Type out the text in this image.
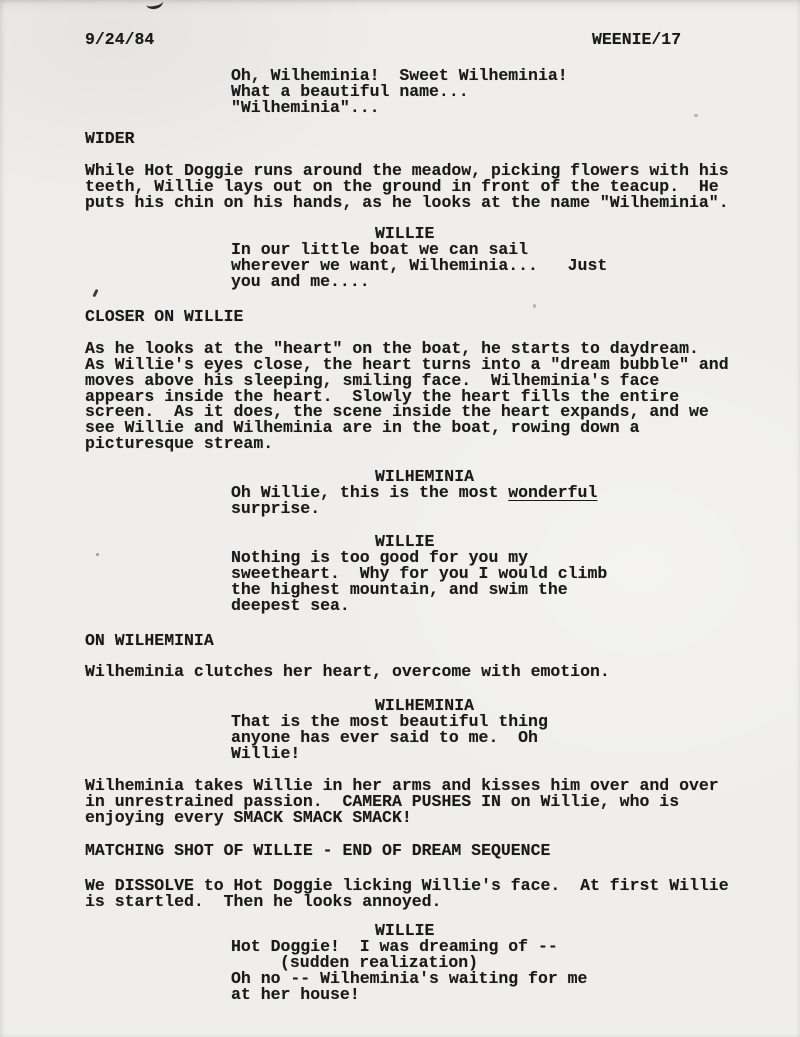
9/24/84	WEENIE/17
Oh, Wilheminia!  Sweet Wilheminia!
What a beautiful name...
"Wilheminia"...
WIDER
While Hot Doggie runs around the meadow, picking flowers with his
teeth, Willie lays out on the ground in front of the teacup.  He
puts his chin on his hands, as he looks at the name "Wilheminia".
WILLIE
In our little boat we can sail
wherever we want, Wilheminia...   Just
you and me....
CLOSER ON WILLIE
As he looks at the "heart" on the boat, he starts to daydream.
As Willie's eyes close, the heart turns into a "dream bubble" and
moves above his sleeping, smiling face.  Wilheminia's face
appears inside the heart.  Slowly the heart fills the entire
screen.  As it does, the scene inside the heart expands, and we
see Willie and Wilheminia are in the boat, rowing down a
picturesque stream.
WILHEMINIA
Oh Willie, this is the most wonderful
surprise.
WILLIE
Nothing is too good for you my
sweetheart.  Why for you I would climb
the highest mountain, and swim the
deepest sea.
ON WILHEMINIA
Wilheminia clutches her heart, overcome with emotion.
WILHEMINIA
That is the most beautiful thing
anyone has ever said to me.  Oh
Willie!
Wilheminia takes Willie in her arms and kisses him over and over
in unrestrained passion.  CAMERA PUSHES IN on Willie, who is
enjoying every SMACK SMACK SMACK!
MATCHING SHOT OF WILLIE - END OF DREAM SEQUENCE
We DISSOLVE to Hot Doggie licking Willie's face.  At first Willie
is startled.  Then he looks annoyed.
WILLIE
Hot Doggie!  I was dreaming of --
(sudden realization)
Oh no -- Wilheminia's waiting for me
at her house!
